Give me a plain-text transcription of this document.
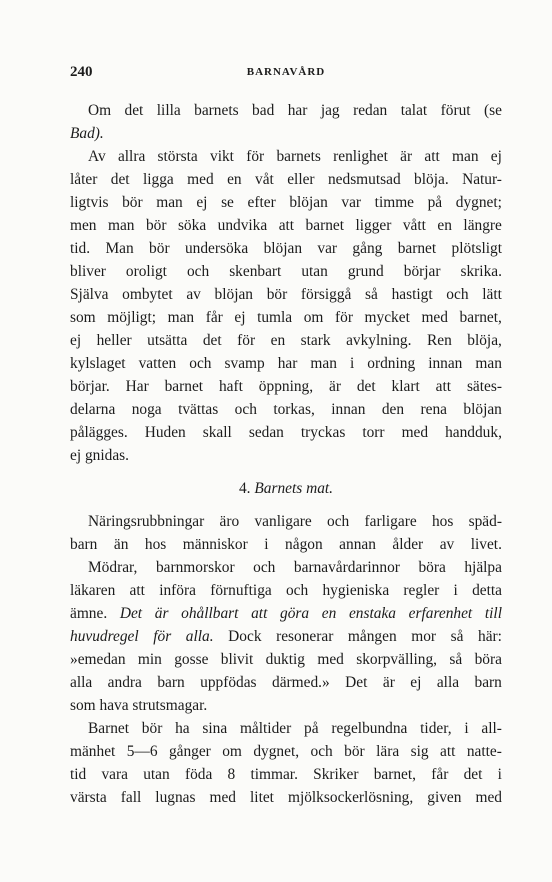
240	BARNAVÅRD
Om det lilla barnets bad har jag redan talat förut (se
Bad).
Av allra största vikt för barnets renlighet är att man ej
låter det ligga med en våt eller nedsmutsad blöja. Natur-
ligtvis bör man ej se efter blöjan var timme på dygnet;
men man bör söka undvika att barnet ligger vått en längre
tid. Man bör undersöka blöjan var gång barnet plötsligt
bliver oroligt och skenbart utan grund börjar skrika.
Själva ombytet av blöjan bör försiggå så hastigt och lätt
som möjligt; man får ej tumla om för mycket med barnet,
ej heller utsätta det för en stark avkylning. Ren blöja,
kylslaget vatten och svamp har man i ordning innan man
börjar. Har barnet haft öppning, är det klart att sätes-
delarna noga tvättas och torkas, innan den rena blöjan
pålägges. Huden skall sedan tryckas torr med handduk,
ej gnidas.
4. Barnets mat.
Näringsrubbningar äro vanligare och farligare hos späd-
barn än hos människor i någon annan ålder av livet.
Mödrar, barnmorskor och barnavårdarinnor böra hjälpa
läkaren att införa förnuftiga och hygieniska regler i detta
ämne. Det är ohållbart att göra en enstaka erfarenhet till
huvudregel för alla. Dock resonerar mången mor så här:
»emedan min gosse blivit duktig med skorpvälling, så böra
alla andra barn uppfödas därmed.» Det är ej alla barn
som hava strutsmagar.
Barnet bör ha sina måltider på regelbundna tider, i all-
mänhet 5—6 gånger om dygnet, och bör lära sig att natte-
tid vara utan föda 8 timmar. Skriker barnet, får det i
värsta fall lugnas med litet mjölksockerlösning, given med
